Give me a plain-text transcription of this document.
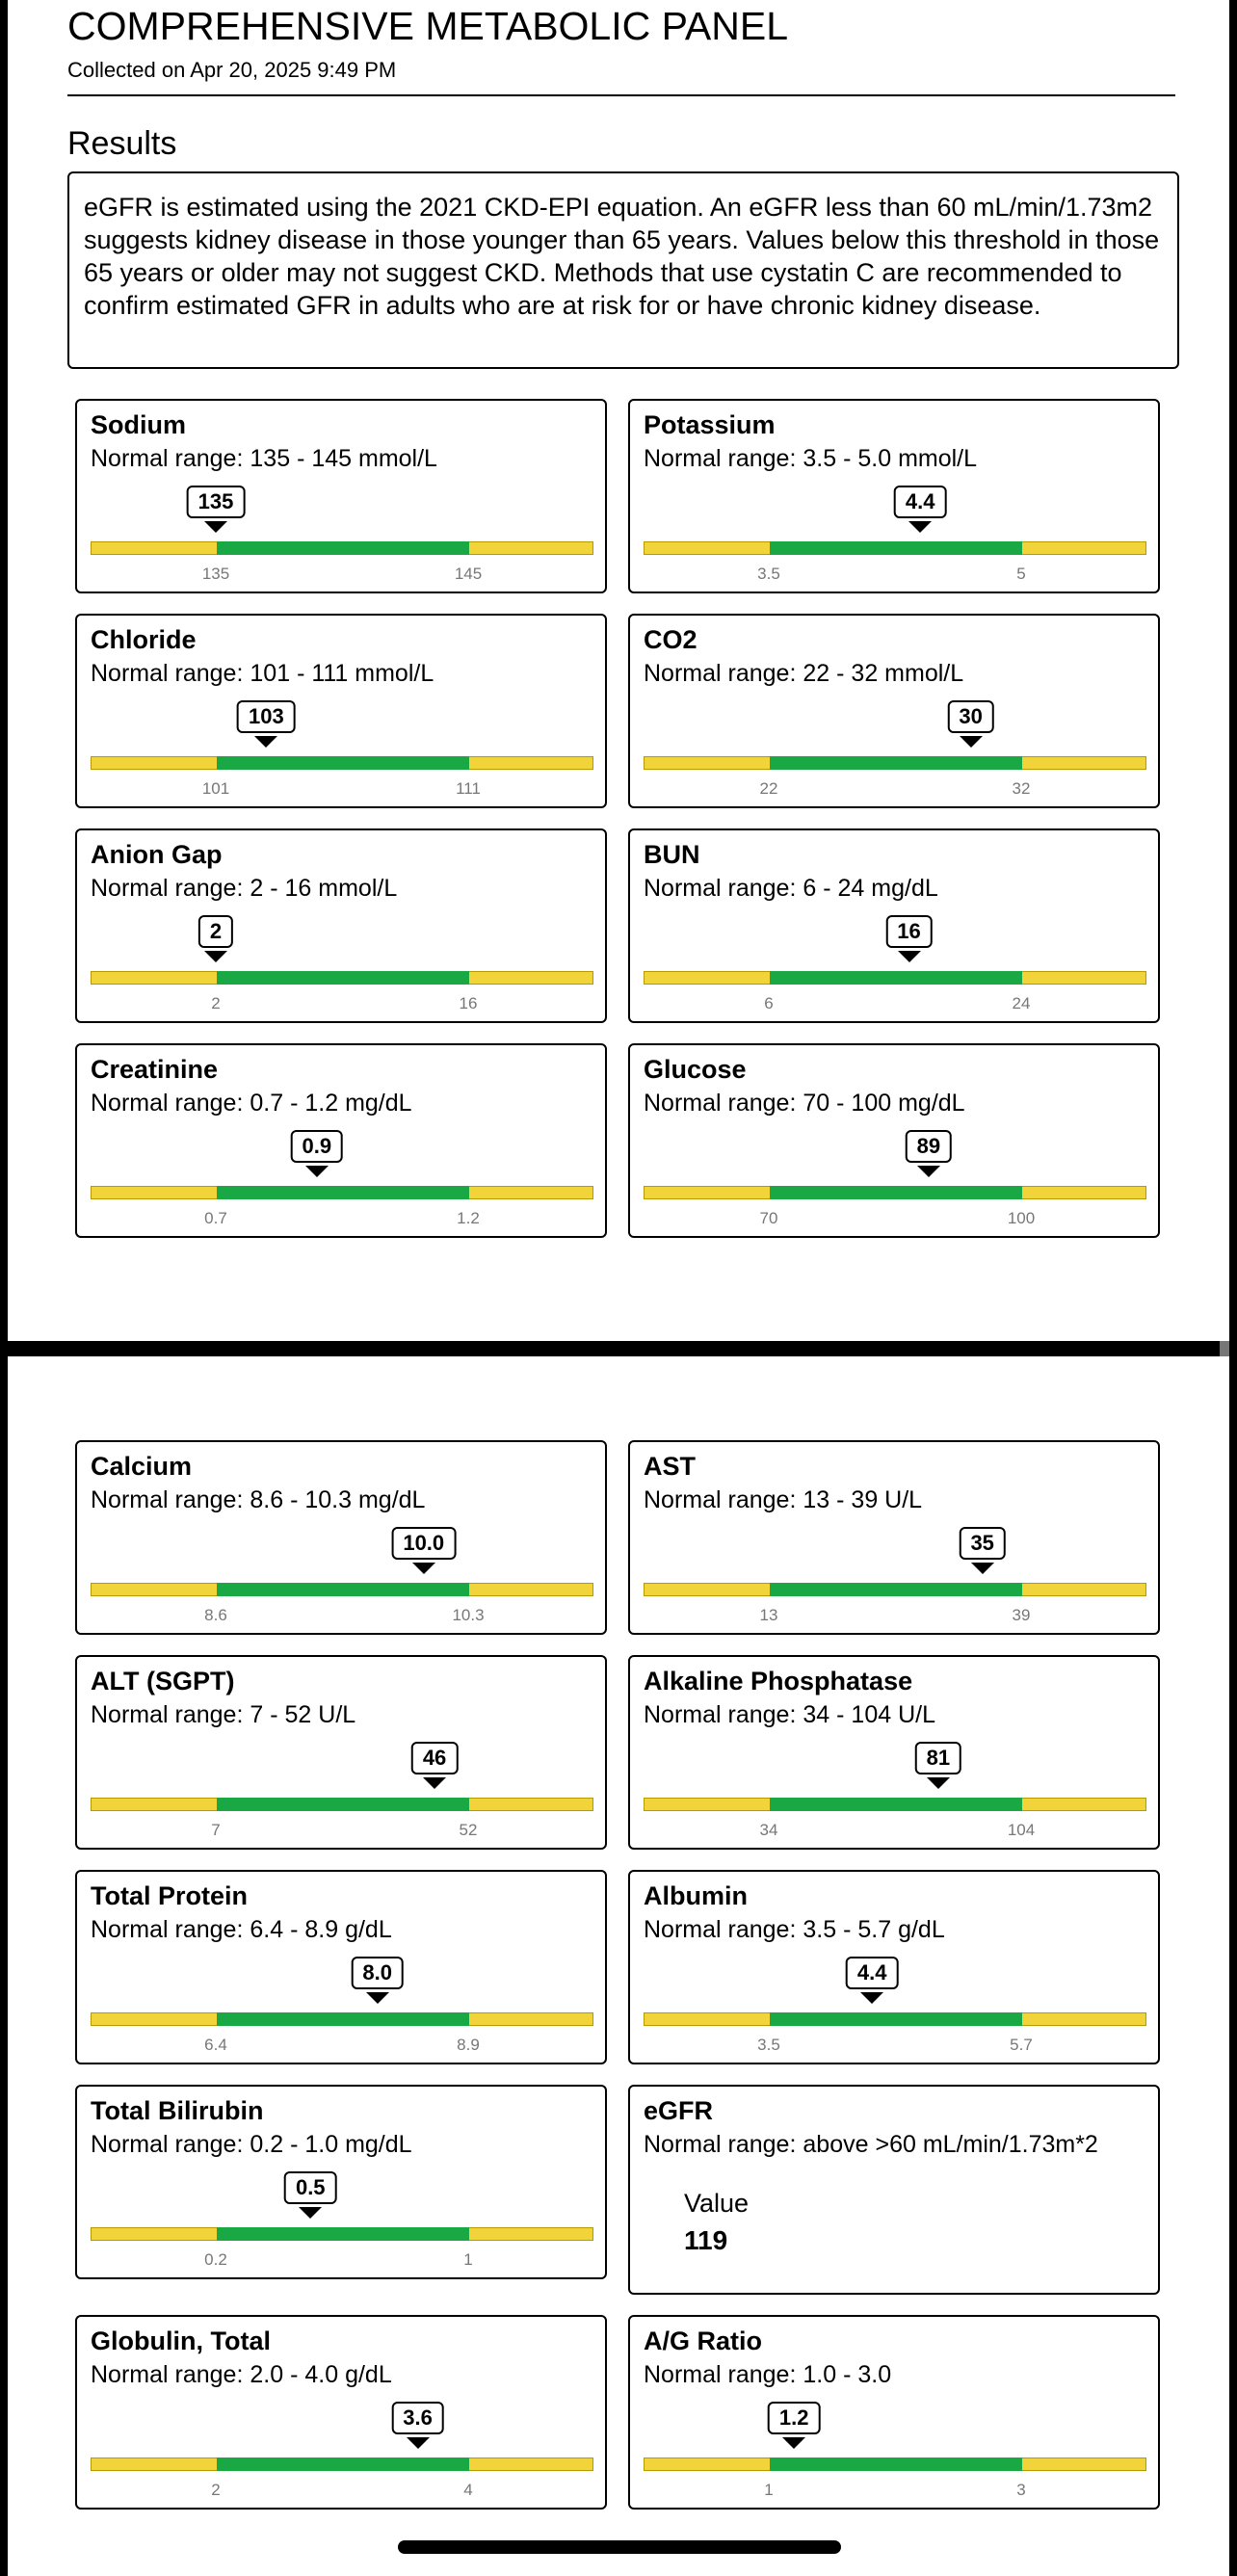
COMPREHENSIVE METABOLIC PANEL
Collected on Apr 20, 2025 9:49 PM
Results
eGFR is estimated using the 2021 CKD-EPI equation. An eGFR less than 60 mL/min/1.73m2 suggests kidney disease in those younger than 65 years. Values below this threshold in those 65 years or older may not suggest CKD. Methods that use cystatin C are recommended to confirm estimated GFR in adults who are at risk for or have chronic kidney disease.
Sodium
Normal range: 135 - 145 mmol/L
135
135	145
Potassium
Normal range: 3.5 - 5.0 mmol/L
4.4
3.5	5
Chloride
Normal range: 101 - 111 mmol/L
103
101	111
CO2
Normal range: 22 - 32 mmol/L
30
22	32
Anion Gap
Normal range: 2 - 16 mmol/L
2
2	16
BUN
Normal range: 6 - 24 mg/dL
16
6	24
Creatinine
Normal range: 0.7 - 1.2 mg/dL
0.9
0.7	1.2
Glucose
Normal range: 70 - 100 mg/dL
89
70	100
Calcium
Normal range: 8.6 - 10.3 mg/dL
10.0
8.6	10.3
AST
Normal range: 13 - 39 U/L
35
13	39
ALT (SGPT)
Normal range: 7 - 52 U/L
46
7	52
Alkaline Phosphatase
Normal range: 34 - 104 U/L
81
34	104
Total Protein
Normal range: 6.4 - 8.9 g/dL
8.0
6.4	8.9
Albumin
Normal range: 3.5 - 5.7 g/dL
4.4
3.5	5.7
Total Bilirubin
Normal range: 0.2 - 1.0 mg/dL
0.5
0.2	1
eGFR
Normal range: above >60 mL/min/1.73m*2
Value
119
Globulin, Total
Normal range: 2.0 - 4.0 g/dL
3.6
2	4
A/G Ratio
Normal range: 1.0 - 3.0
1.2
1	3
